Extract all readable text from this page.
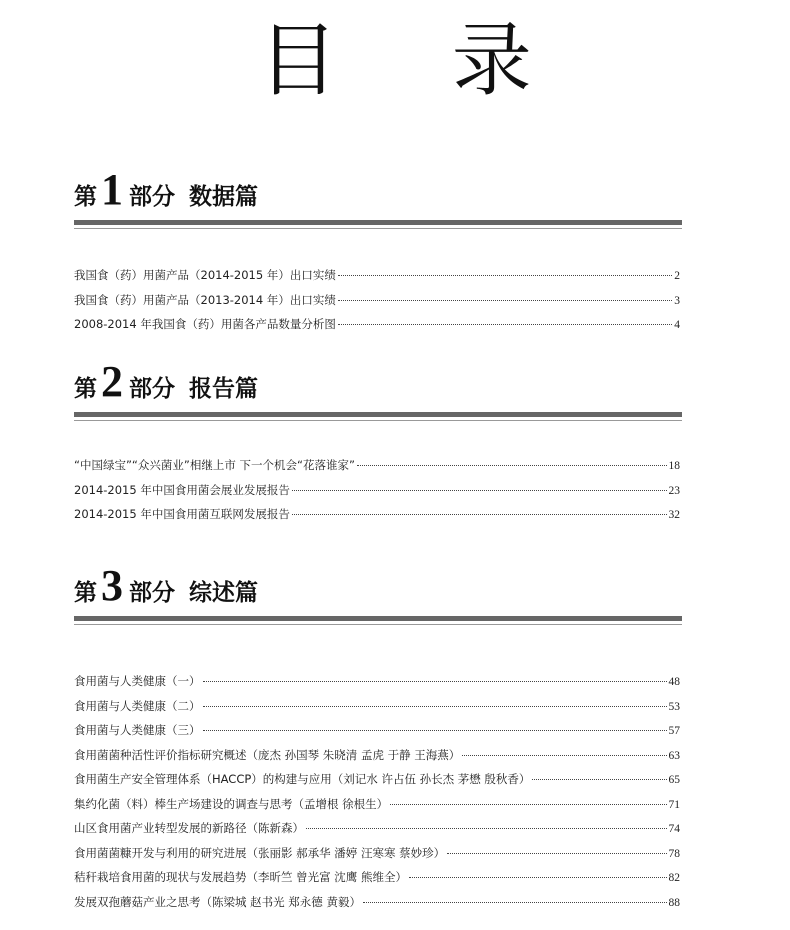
目 录
第1 部分 数据篇
我国食（药）用菌产品（2014-2015 年）出口实绩	2
我国食（药）用菌产品（2013-2014 年）出口实绩	3
2008-2014 年我国食（药）用菌各产品数量分析图	4
第2 部分 报告篇
“中国绿宝”“众兴菌业”相继上市 下一个机会“花落谁家”	18
2014-2015 年中国食用菌会展业发展报告	23
2014-2015 年中国食用菌互联网发展报告	32
第3 部分 综述篇
食用菌与人类健康（一）	48
食用菌与人类健康（二）	53
食用菌与人类健康（三）	57
食用菌菌种活性评价指标研究概述（庞杰 孙国琴 朱晓清 孟虎 于静 王海燕）	63
食用菌生产安全管理体系（HACCP）的构建与应用（刘记水 许占伍 孙长杰 茅懋 殷秋香）	65
集约化菌（料）棒生产场建设的调查与思考（孟增根 徐根生）	71
山区食用菌产业转型发展的新路径（陈新森）	74
食用菌菌糠开发与利用的研究进展（张丽影 郝承华 潘婷 汪寒寒 蔡妙珍）	78
秸秆栽培食用菌的现状与发展趋势（李昕竺 曾光富 沈鹰 熊维全）	82
发展双孢蘑菇产业之思考（陈梁城 赵书光 郑永德 黄毅）	88
